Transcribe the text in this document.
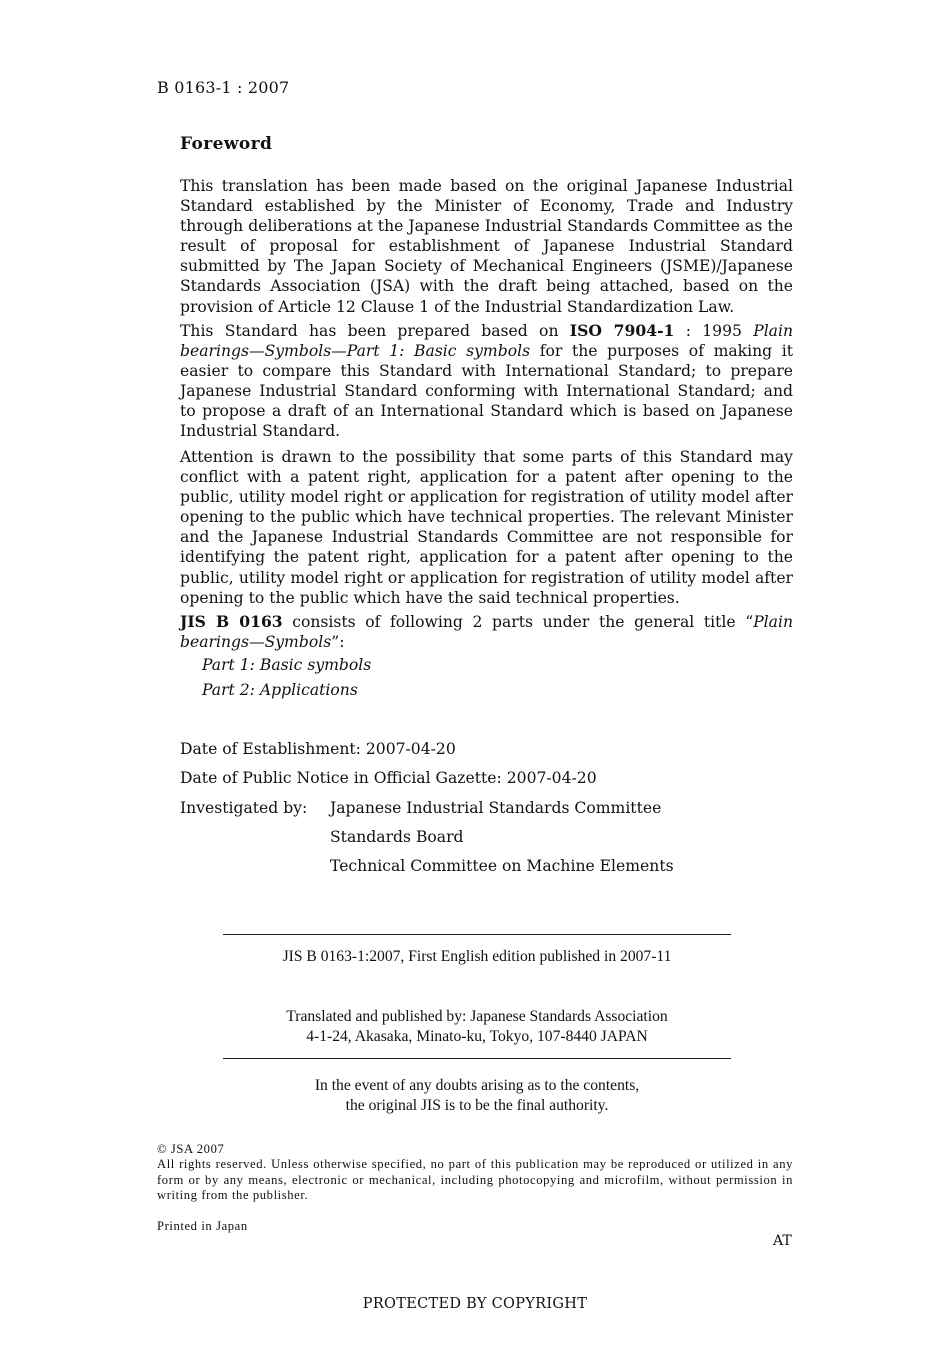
B 0163-1 : 2007
Foreword

This translation has been made based on the original Japanese Industrial Standard established by the Minister of Economy, Trade and Industry through deliberations at the Japanese Industrial Standards Committee as the result of proposal for establishment of Japanese Industrial Standard submitted by The Japan Society of Mechanical Engineers (JSME)/Japanese Standards Association (JSA) with the draft being attached, based on the provision of Article 12 Clause 1 of the Industrial Standardization Law.

This Standard has been prepared based on ISO 7904-1 : 1995 Plain bearings—Symbols—Part 1: Basic symbols for the purposes of making it easier to compare this Standard with International Standard; to prepare Japanese Industrial Standard conforming with International Standard; and to propose a draft of an International Standard which is based on Japanese Industrial Standard.

Attention is drawn to the possibility that some parts of this Standard may conflict with a patent right, application for a patent after opening to the public, utility model right or application for registration of utility model after opening to the public which have technical properties. The relevant Minister and the Japanese Industrial Standards Committee are not responsible for identifying the patent right, application for a patent after opening to the public, utility model right or application for registration of utility model after opening to the public which have the said technical properties.

JIS B 0163 consists of following 2 parts under the general title “Plain bearings—Symbols”:

Part 1: Basic symbols
Part 2: Applications
Date of Establishment: 2007-04-20
Date of Public Notice in Official Gazette: 2007-04-20
Investigated by: Japanese Industrial Standards Committee
Standards Board
Technical Committee on Machine Elements
JIS B 0163-1:2007, First English edition published in 2007-11
Translated and published by: Japanese Standards Association
4-1-24, Akasaka, Minato-ku, Tokyo, 107-8440 JAPAN
In the event of any doubts arising as to the contents,
the original JIS is to be the final authority.
© JSA 2007
All rights reserved. Unless otherwise specified, no part of this publication may be reproduced or utilized in any form or by any means, electronic or mechanical, including photocopying and microfilm, without permission in writing from the publisher.
Printed in Japan
AT
PROTECTED BY COPYRIGHT
